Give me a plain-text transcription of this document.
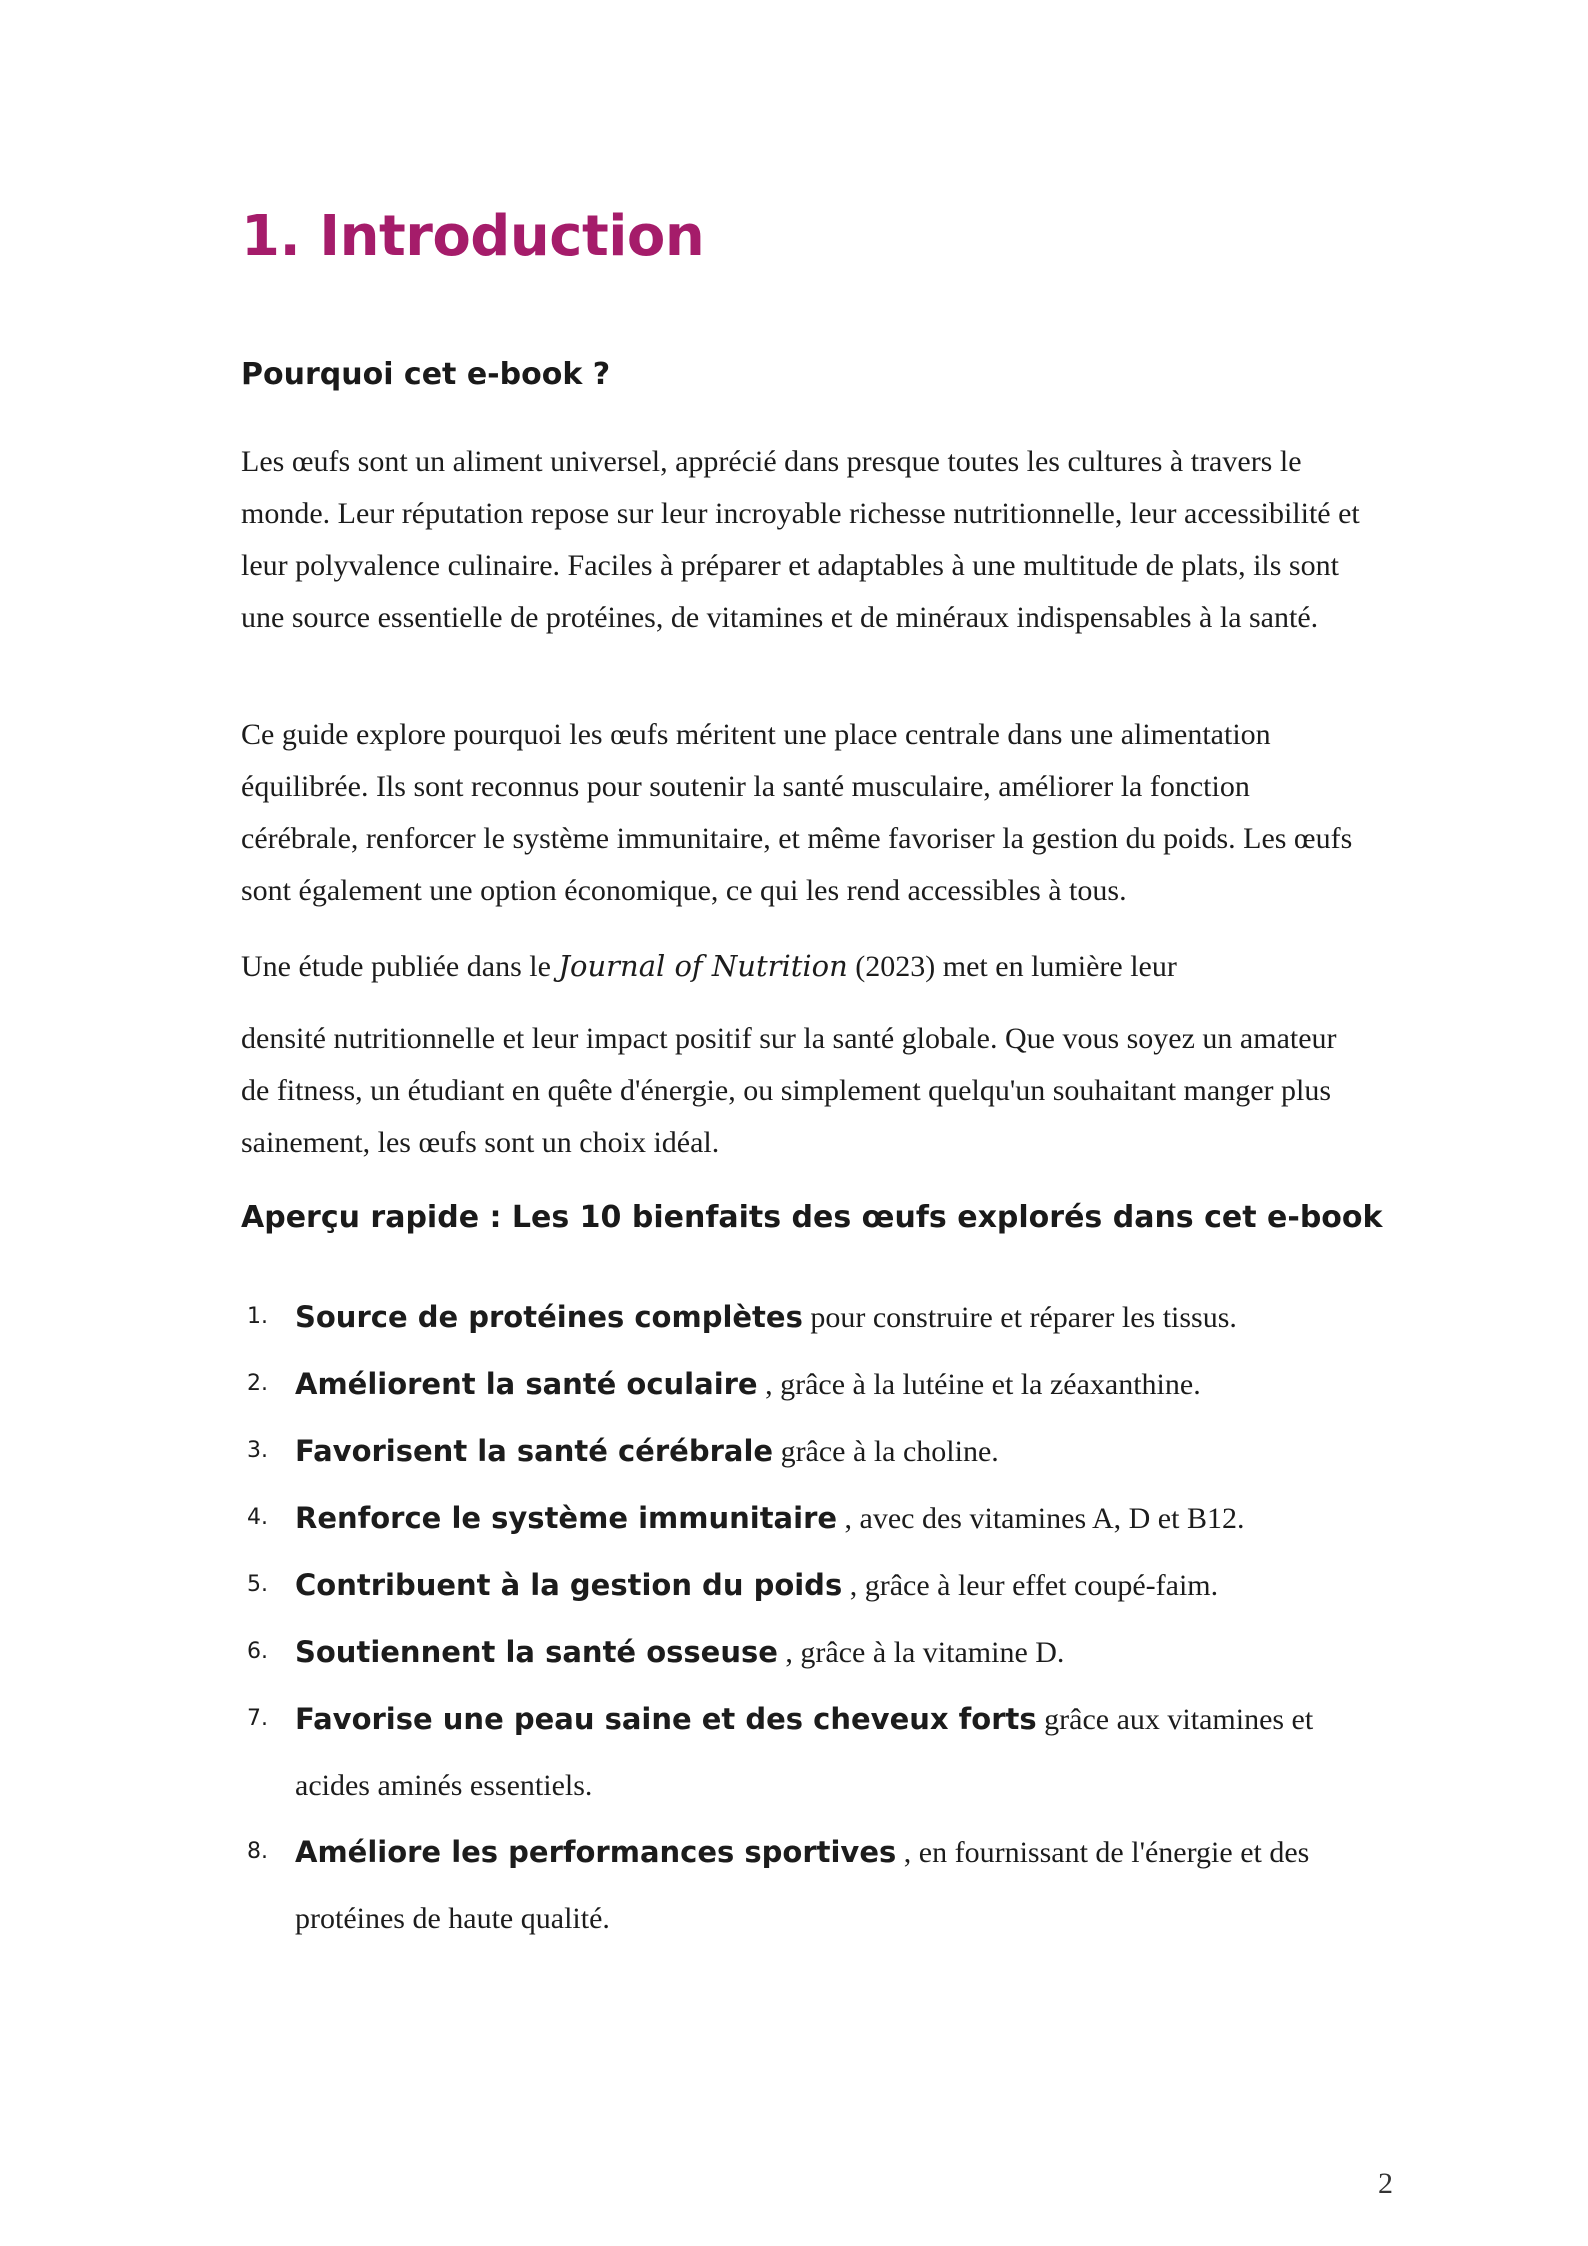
1. Introduction
Pourquoi cet e-book ?

Les œufs sont un aliment universel, apprécié dans presque toutes les cultures à travers le monde. Leur réputation repose sur leur incroyable richesse nutritionnelle, leur accessibilité et leur polyvalence culinaire. Faciles à préparer et adaptables à une multitude de plats, ils sont une source essentielle de protéines, de vitamines et de minéraux indispensables à la santé.

Ce guide explore pourquoi les œufs méritent une place centrale dans une alimentation équilibrée. Ils sont reconnus pour soutenir la santé musculaire, améliorer la fonction cérébrale, renforcer le système immunitaire, et même favoriser la gestion du poids. Les œufs sont également une option économique, ce qui les rend accessibles à tous.

Une étude publiée dans le Journal of Nutrition (2023) met en lumière leur

densité nutritionnelle et leur impact positif sur la santé globale. Que vous soyez un amateur de fitness, un étudiant en quête d'énergie, ou simplement quelqu'un souhaitant manger plus sainement, les œufs sont un choix idéal.

Aperçu rapide : Les 10 bienfaits des œufs explorés dans cet e-book
1. Source de protéines complètes pour construire et réparer les tissus.
2. Améliorent la santé oculaire , grâce à la lutéine et la zéaxanthine.
3. Favorisent la santé cérébrale grâce à la choline.
4. Renforce le système immunitaire , avec des vitamines A, D et B12.
5. Contribuent à la gestion du poids , grâce à leur effet coupé-faim.
6. Soutiennent la santé osseuse , grâce à la vitamine D.
7. Favorise une peau saine et des cheveux forts grâce aux vitamines et acides aminés essentiels.
8. Améliore les performances sportives , en fournissant de l'énergie et des protéines de haute qualité.
2
